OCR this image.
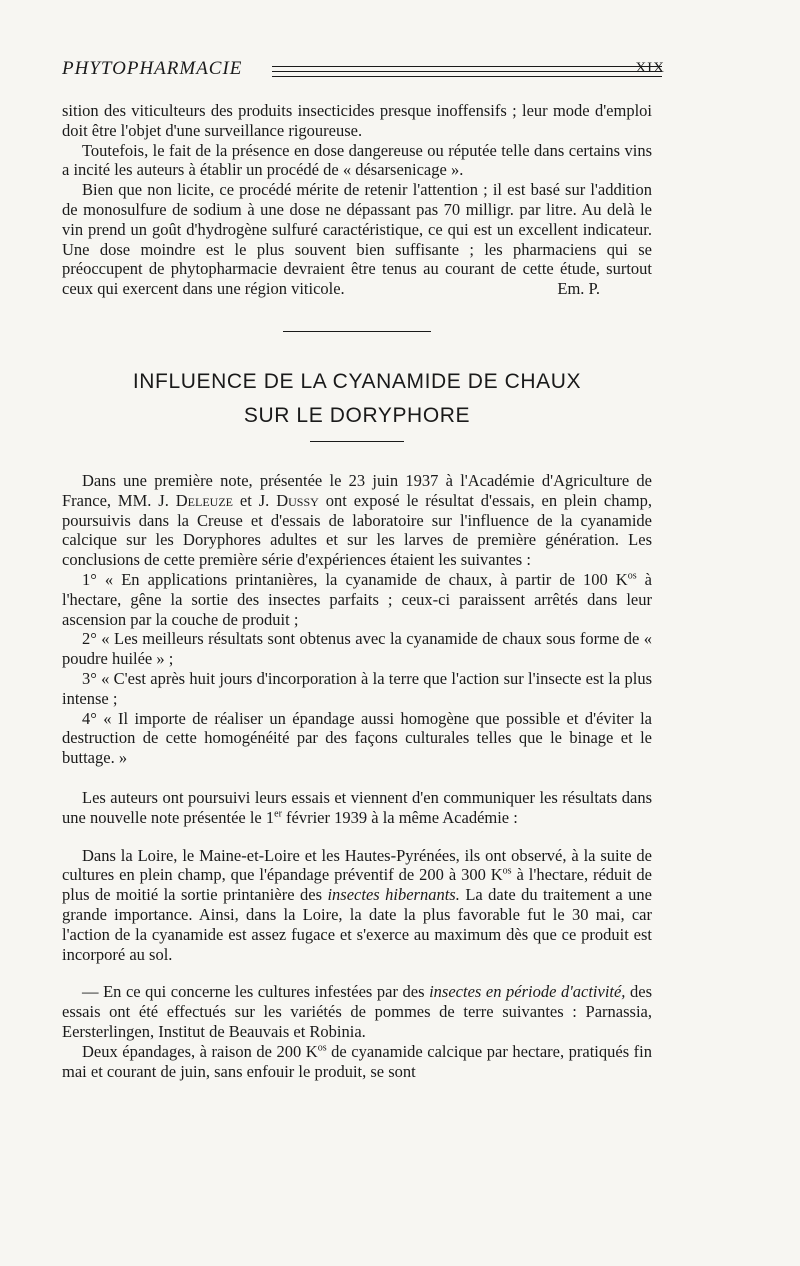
PHYTOPHARMACIE	XIX

sition des viticulteurs des produits insecticides presque inoffensifs ; leur mode d'emploi doit être l'objet d'une surveillance rigoureuse.

Toutefois, le fait de la présence en dose dangereuse ou réputée telle dans certains vins a incité les auteurs à établir un procédé de « désarsenicage ».

Bien que non licite, ce procédé mérite de retenir l'attention ; il est basé sur l'addition de monosulfure de sodium à une dose ne dépassant pas 70 milligr. par litre. Au delà le vin prend un goût d'hydrogène sulfuré caractéristique, ce qui est un excellent indicateur. Une dose moindre est le plus souvent bien suffisante ; les pharmaciens qui se préoccupent de phytopharmacie devraient être tenus au courant de cette étude, surtout ceux qui exercent dans une région viticole.	Em. P.
INFLUENCE DE LA CYANAMIDE DE CHAUX
SUR LE DORYPHORE

Dans une première note, présentée le 23 juin 1937 à l'Académie d'Agriculture de France, MM. J. Deleuze et J. Dussy ont exposé le résultat d'essais, en plein champ, poursuivis dans la Creuse et d'essais de laboratoire sur l'influence de la cyanamide calcique sur les Doryphores adultes et sur les larves de première génération. Les conclusions de cette première série d'expériences étaient les suivantes :

1° « En applications printanières, la cyanamide de chaux, à partir de 100 $K^{os}$ à l'hectare, gêne la sortie des insectes parfaits ; ceux-ci paraissent arrêtés dans leur ascension par la couche de produit ;

2° « Les meilleurs résultats sont obtenus avec la cyanamide de chaux sous forme de « poudre huilée » ;

3° « C'est après huit jours d'incorporation à la terre que l'action sur l'insecte est la plus intense ;

4° « Il importe de réaliser un épandage aussi homogène que possible et d'éviter la destruction de cette homogénéité par des façons culturales telles que le binage et le buttage. »

Les auteurs ont poursuivi leurs essais et viennent d'en communiquer les résultats dans une nouvelle note présentée le 1er février 1939 à la même Académie :

Dans la Loire, le Maine-et-Loire et les Hautes-Pyrénées, ils ont observé, à la suite de cultures en plein champ, que l'épandage préventif de 200 à 300 $K^{os}$ à l'hectare, réduit de plus de moitié la sortie printanière des insectes hibernants. La date du traitement a une grande importance. Ainsi, dans la Loire, la date la plus favorable fut le 30 mai, car l'action de la cyanamide est assez fugace et s'exerce au maximum dès que ce produit est incorporé au sol.

— En ce qui concerne les cultures infestées par des insectes en période d'activité, des essais ont été effectués sur les variétés de pommes de terre suivantes : Parnassia, Eersterlingen, Institut de Beauvais et Robinia.

Deux épandages, à raison de 200 $K^{os}$ de cyanamide calcique par hectare, pratiqués fin mai et courant de juin, sans enfouir le produit, se sont
